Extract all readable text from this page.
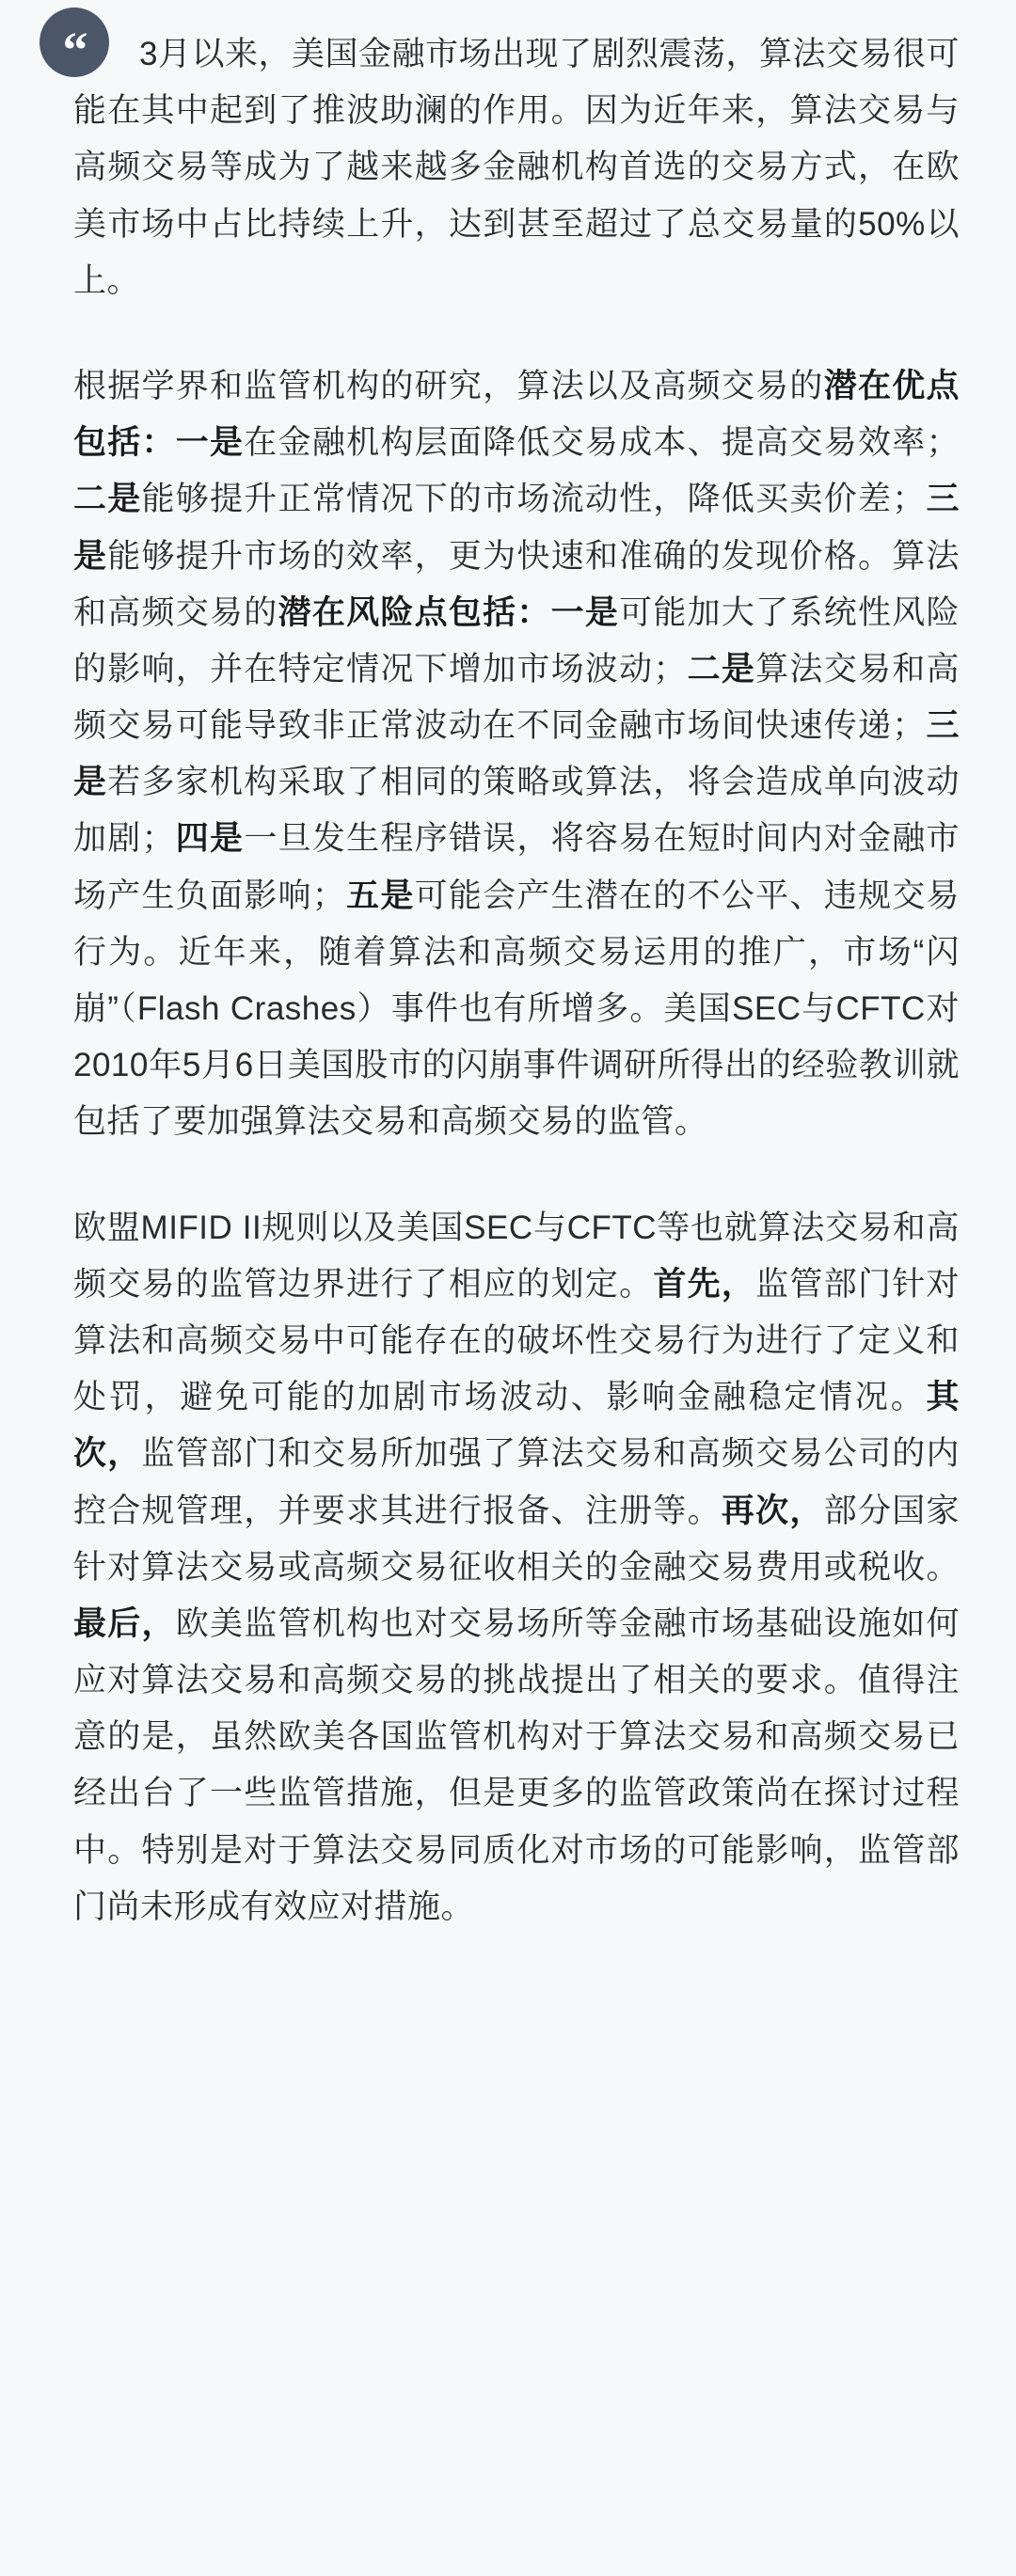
“	3月以来，美国金融市场出现了剧烈震荡，算法交易很可能在其中起到了推波助澜的作用。因为近年来，算法交易与高频交易等成为了越来越多金融机构首选的交易方式，在欧美市场中占比持续上升，达到甚至超过了总交易量的50%以上。

根据学界和监管机构的研究，算法以及高频交易的潜在优点包括：一是在金融机构层面降低交易成本、提高交易效率；二是能够提升正常情况下的市场流动性，降低买卖价差；三是能够提升市场的效率，更为快速和准确的发现价格。算法和高频交易的潜在风险点包括：一是可能加大了系统性风险的影响，并在特定情况下增加市场波动；二是算法交易和高频交易可能导致非正常波动在不同金融市场间快速传递；三是若多家机构采取了相同的策略或算法，将会造成单向波动加剧；四是一旦发生程序错误，将容易在短时间内对金融市场产生负面影响；五是可能会产生潜在的不公平、违规交易行为。近年来，随着算法和高频交易运用的推广，市场“闪崩”（Flash Crashes）事件也有所增多。美国SEC与CFTC对2010年5月6日美国股市的闪崩事件调研所得出的经验教训就包括了要加强算法交易和高频交易的监管。

欧盟MIFID II规则以及美国SEC与CFTC等也就算法交易和高频交易的监管边界进行了相应的划定。首先，监管部门针对算法和高频交易中可能存在的破坏性交易行为进行了定义和处罚，避免可能的加剧市场波动、影响金融稳定情况。其次，监管部门和交易所加强了算法交易和高频交易公司的内控合规管理，并要求其进行报备、注册等。再次，部分国家针对算法交易或高频交易征收相关的金融交易费用或税收。最后，欧美监管机构也对交易场所等金融市场基础设施如何应对算法交易和高频交易的挑战提出了相关的要求。值得注意的是，虽然欧美各国监管机构对于算法交易和高频交易已经出台了一些监管措施，但是更多的监管政策尚在探讨过程中。特别是对于算法交易同质化对市场的可能影响，监管部门尚未形成有效应对措施。
